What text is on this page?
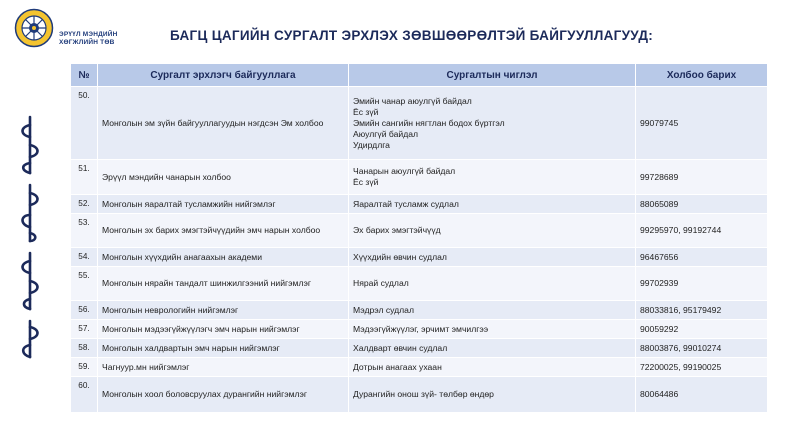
ЭРҮҮЛ МЭНДИЙН
ХӨГЖЛИЙН ТӨВ	БАГЦ ЦАГИЙН СУРГАЛТ ЭРХЛЭХ ЗӨВШӨӨРӨЛТЭЙ БАЙГУУЛЛАГУУД:
№	Сургалт эрхлэгч байгууллага	Сургалтын чиглэл	Холбоо барих
50.	Монголын эм зүйн байгууллагуудын нэгдсэн Эм холбоо	Эмийн чанар аюулгүй байдал
Ёс зүй
Эмийн сангийн нягтлан бодох бүртгэл
Аюулгүй байдал
Удирдлга	99079745
51.	Эрүүл мэндийн чанарын холбоо	Чанарын аюулгүй байдал
Ёс зүй	99728689
52.	Монголын яаралтай тусламжийн нийгэмлэг	Яаралтай тусламж судлал	88065089
53.	Монголын эх барих эмэгтэйчүүдийн эмч нарын холбоо	Эх барих эмэгтэйчүүд	99295970, 99192744
54.	Монголын хүүхдийн анагаахын академи	Хүүхдийн өвчин судлал	96467656
55.	Монголын нярайн тандалт шинжилгээний нийгэмлэг	Нярай судлал	99702939
56.	Монголын неврологийн нийгэмлэг	Мэдрэл судлал	88033816, 95179492
57.	Монголын мэдээгүйжүүлэгч эмч нарын нийгэмлэг	Мэдээгүйжүүлэг, эрчимт эмчилгээ	90059292
58.	Монголын халдвартын эмч нарын нийгэмлэг	Халдварт өвчин судлал	88003876, 99010274
59.	Чагнуур.мн нийгэмлэг	Дотрын анагаах ухаан	72200025, 99190025
60.	Монголын хоол боловсруулах дурангийн нийгэмлэг	Дурангийн онош зүй- төлбөр өндөр	80064486
